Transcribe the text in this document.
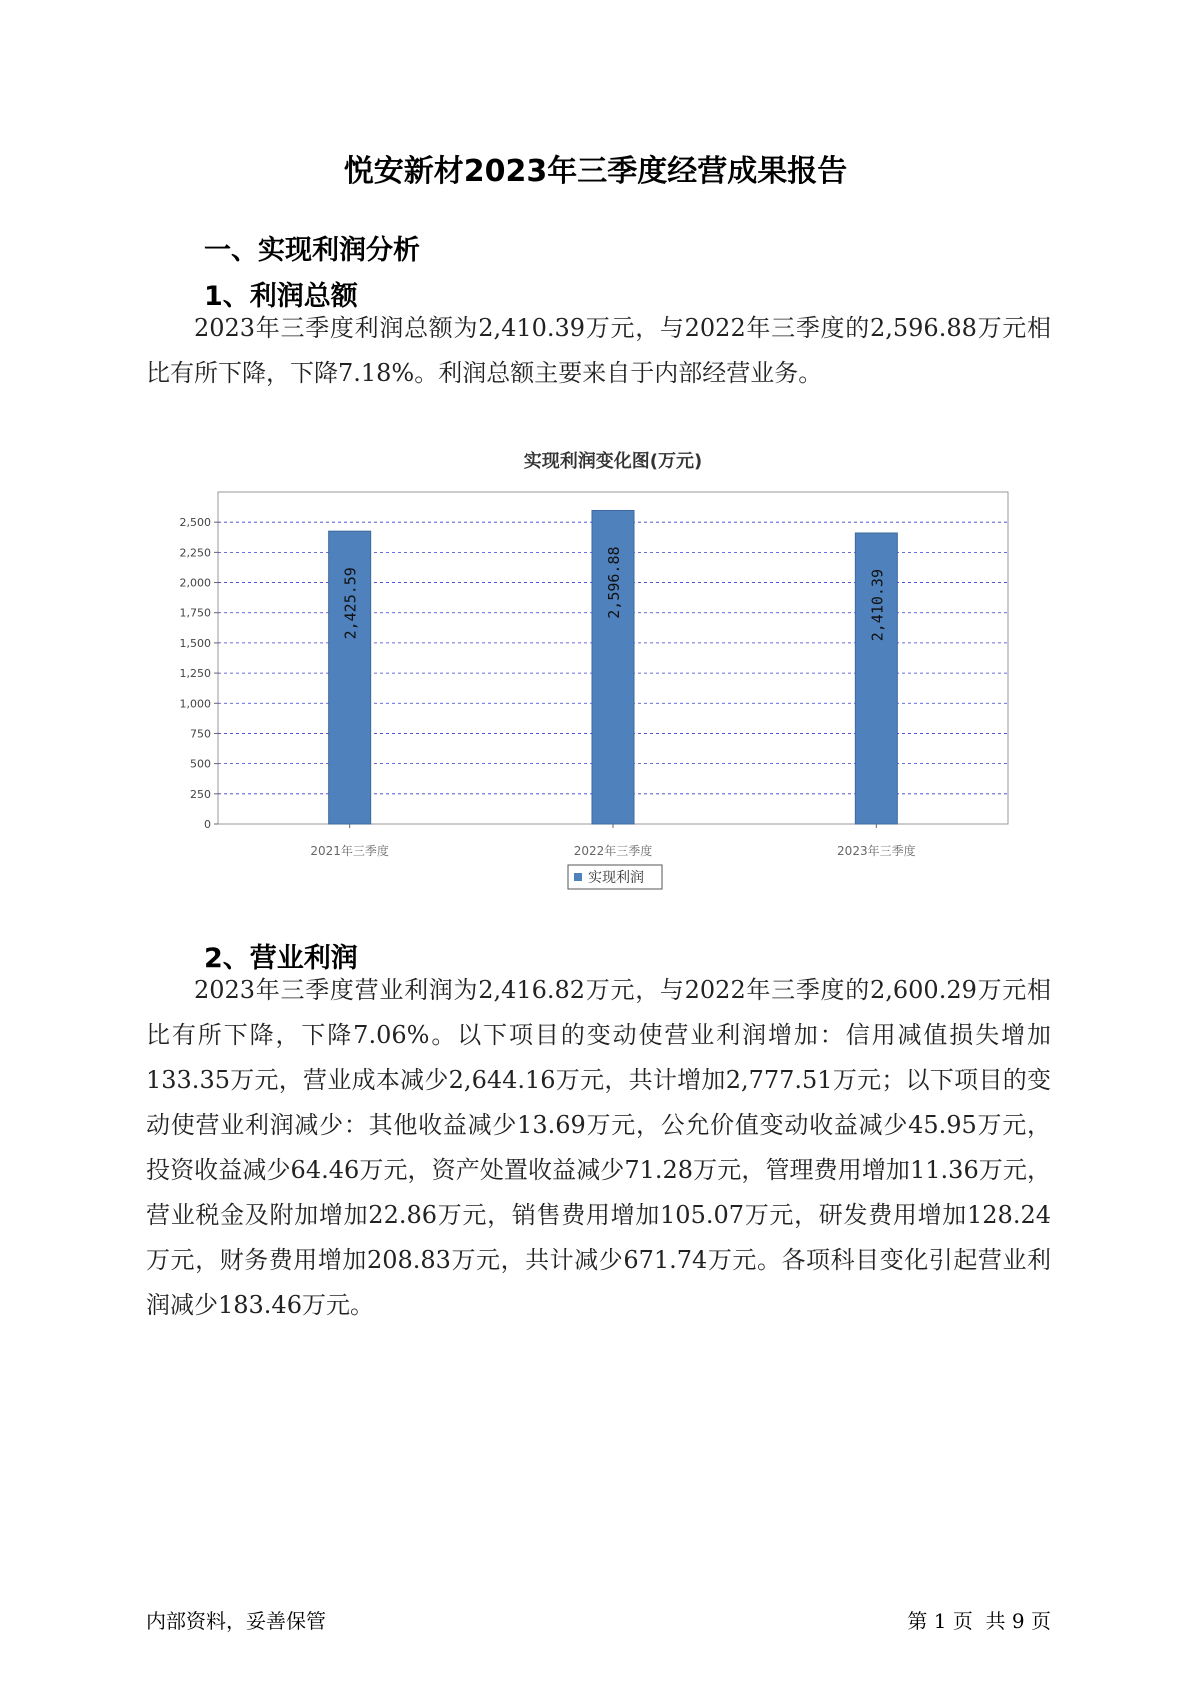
悦安新材2023年三季度经营成果报告
一、实现利润分析
1、利润总额

2023年三季度利润总额为2,410.39万元，与2022年三季度的2,596.88万元相比有所下降，下降7.18%。利润总额主要来自于内部经营业务。

实现利润变化图(万元)
0
250
500
750
1,000
1,250
1,500
1,750
2,000
2,250
2,500
2,425.59
2021年三季度
2,596.88
2022年三季度
2,410.39
2023年三季度
实现利润
2、营业利润

2023年三季度营业利润为2,416.82万元，与2022年三季度的2,600.29万元相比有所下降，下降7.06%。以下项目的变动使营业利润增加：信用减值损失增加133.35万元，营业成本减少2,644.16万元，共计增加2,777.51万元；以下项目的变动使营业利润减少：其他收益减少13.69万元，公允价值变动收益减少45.95万元，投资收益减少64.46万元，资产处置收益减少71.28万元，管理费用增加11.36万元，营业税金及附加增加22.86万元，销售费用增加105.07万元，研发费用增加128.24万元，财务费用增加208.83万元，共计减少671.74万元。各项科目变化引起营业利润减少183.46万元。

内部资料，妥善保管	第 1 页  共 9 页
